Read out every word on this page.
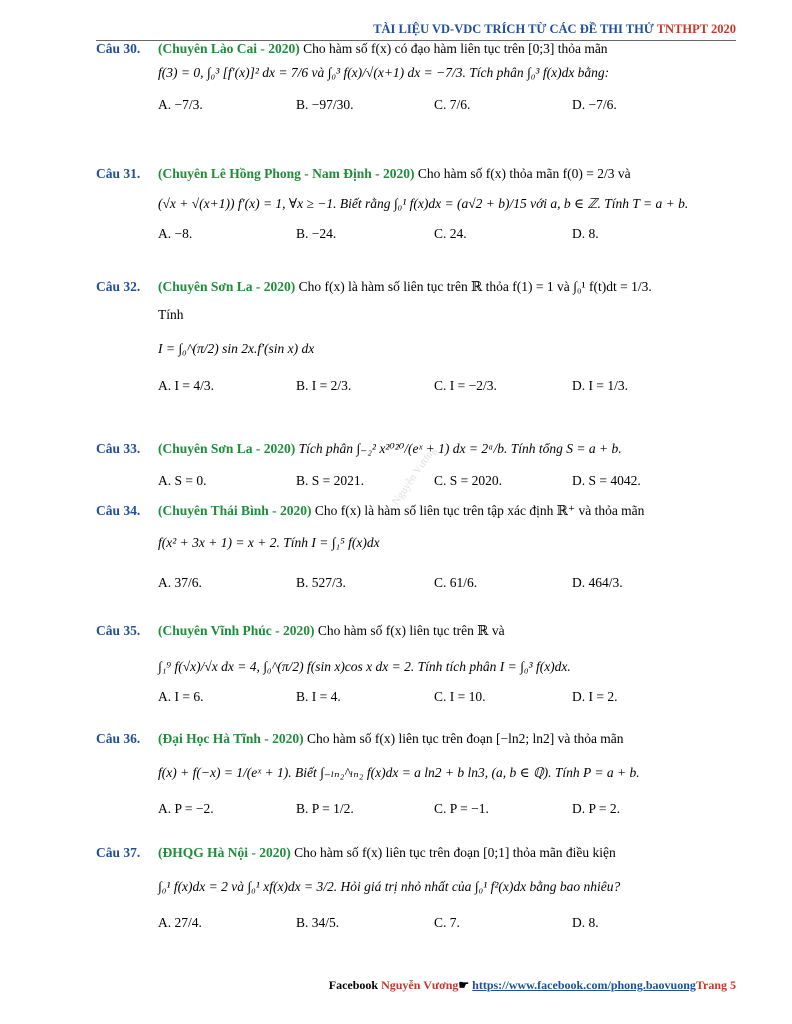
TÀI LIỆU VD-VDC TRÍCH TỪ CÁC ĐỀ THI THỬ TNTHPT 2020
Nguyễn Vương
Câu 30. (Chuyên Lào Cai - 2020) Cho hàm số f(x) có đạo hàm liên tục trên [0;3] thỏa mãn
f(3) = 0, ∫₀³ [f′(x)]² dx = 7/6 và ∫₀³ f(x)/√(x+1) dx = −7/3. Tích phân ∫₀³ f(x)dx bằng:
A. −7/3.	B. −97/30.	C. 7/6.	D. −7/6.
Câu 31. (Chuyên Lê Hồng Phong - Nam Định - 2020) Cho hàm số f(x) thỏa mãn f(0) = 2/3 và
(√x + √(x+1)) f′(x) = 1, ∀x ≥ −1. Biết rằng ∫₀¹ f(x)dx = (a√2 + b)/15 với a, b ∈ ℤ. Tính T = a + b.
A. −8.	B. −24.	C. 24.	D. 8.
Câu 32. (Chuyên Sơn La - 2020) Cho f(x) là hàm số liên tục trên ℝ thỏa f(1) = 1 và ∫₀¹ f(t)dt = 1/3.
Tính
I = ∫₀^(π/2) sin 2x.f′(sin x) dx
A. I = 4/3.	B. I = 2/3.	C. I = −2/3.	D. I = 1/3.
Câu 33. (Chuyên Sơn La - 2020) Tích phân ∫₋₂² x²⁰²⁰/(eˣ + 1) dx = 2ᵃ/b. Tính tổng S = a + b.
A. S = 0.	B. S = 2021.	C. S = 2020.	D. S = 4042.
Câu 34. (Chuyên Thái Bình - 2020) Cho f(x) là hàm số liên tục trên tập xác định ℝ⁺ và thỏa mãn
f(x² + 3x + 1) = x + 2. Tính I = ∫₁⁵ f(x)dx
A. 37/6.	B. 527/3.	C. 61/6.	D. 464/3.
Câu 35. (Chuyên Vĩnh Phúc - 2020) Cho hàm số f(x) liên tục trên ℝ và
∫₁⁹ f(√x)/√x dx = 4, ∫₀^(π/2) f(sin x)cos x dx = 2. Tính tích phân I = ∫₀³ f(x)dx.
A. I = 6.	B. I = 4.	C. I = 10.	D. I = 2.
Câu 36. (Đại Học Hà Tĩnh - 2020) Cho hàm số f(x) liên tục trên đoạn [−ln2; ln2] và thỏa mãn
f(x) + f(−x) = 1/(eˣ + 1). Biết ∫₋ₗₙ₂^ₗₙ₂ f(x)dx = a ln2 + b ln3, (a, b ∈ ℚ). Tính P = a + b.
A. P = −2.	B. P = 1/2.	C. P = −1.	D. P = 2.
Câu 37. (ĐHQG Hà Nội - 2020) Cho hàm số f(x) liên tục trên đoạn [0;1] thỏa mãn điều kiện
∫₀¹ f(x)dx = 2 và ∫₀¹ xf(x)dx = 3/2. Hỏi giá trị nhỏ nhất của ∫₀¹ f²(x)dx bằng bao nhiêu?
A. 27/4.	B. 34/5.	C. 7.	D. 8.
Facebook Nguyễn Vương☛ https://www.facebook.com/phong.baovuongTrang 5
